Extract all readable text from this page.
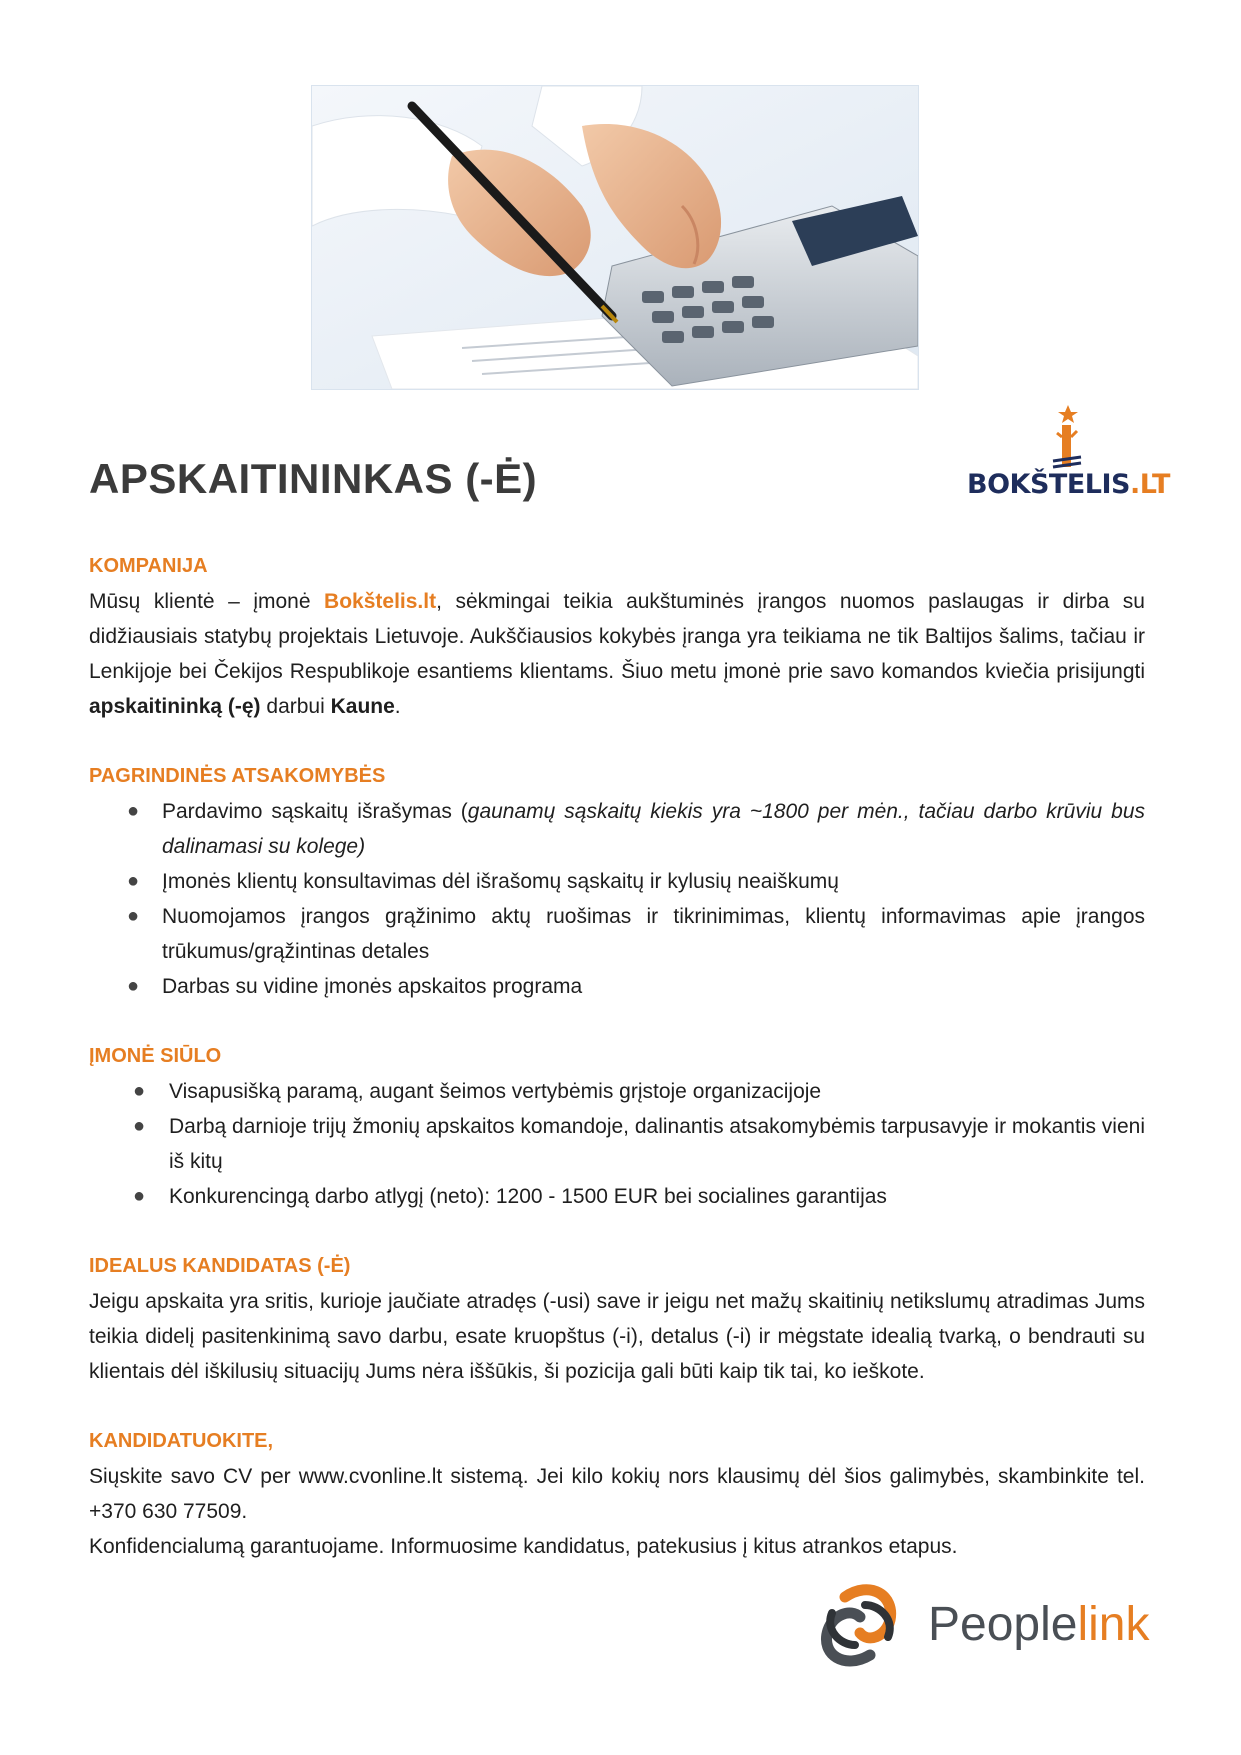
APSKAITININKAS (-Ė)	BOKŠTELIS.LT
KOMPANIJA
Mūsų klientė – įmonė Bokštelis.lt, sėkmingai teikia aukštuminės įrangos nuomos paslaugas ir dirba su didžiausiais statybų projektais Lietuvoje. Aukščiausios kokybės įranga yra teikiama ne tik Baltijos šalims, tačiau ir Lenkijoje bei Čekijos Respublikoje esantiems klientams. Šiuo metu įmonė prie savo komandos kviečia prisijungti apskaitininką (-ę) darbui Kaune.
PAGRINDINĖS ATSAKOMYBĖS
● Pardavimo sąskaitų išrašymas (gaunamų sąskaitų kiekis yra ~1800 per mėn., tačiau darbo krūviu bus dalinamasi su kolege)
● Įmonės klientų konsultavimas dėl išrašomų sąskaitų ir kylusių neaiškumų
● Nuomojamos įrangos grąžinimo aktų ruošimas ir tikrinimimas, klientų informavimas apie įrangos trūkumus/grąžintinas detales
● Darbas su vidine įmonės apskaitos programa
ĮMONĖ SIŪLO
● Visapusišką paramą, augant šeimos vertybėmis grįstoje organizacijoje
● Darbą darnioje trijų žmonių apskaitos komandoje, dalinantis atsakomybėmis tarpusavyje ir mokantis vieni iš kitų
● Konkurencingą darbo atlygį (neto): 1200 - 1500 EUR bei socialines garantijas
IDEALUS KANDIDATAS (-Ė)
Jeigu apskaita yra sritis, kurioje jaučiate atradęs (-usi) save ir jeigu net mažų skaitinių netikslumų atradimas Jums teikia didelį pasitenkinimą savo darbu, esate kruopštus (-i), detalus (-i) ir mėgstate idealią tvarką, o bendrauti su klientais dėl iškilusių situacijų Jums nėra iššūkis, ši pozicija gali būti kaip tik tai, ko ieškote.
KANDIDATUOKITE,
Siųskite savo CV per www.cvonline.lt sistemą. Jei kilo kokių nors klausimų dėl šios galimybės, skambinkite tel. +370 630 77509.
Konfidencialumą garantuojame. Informuosime kandidatus, patekusius į kitus atrankos etapus.
Peoplelink
